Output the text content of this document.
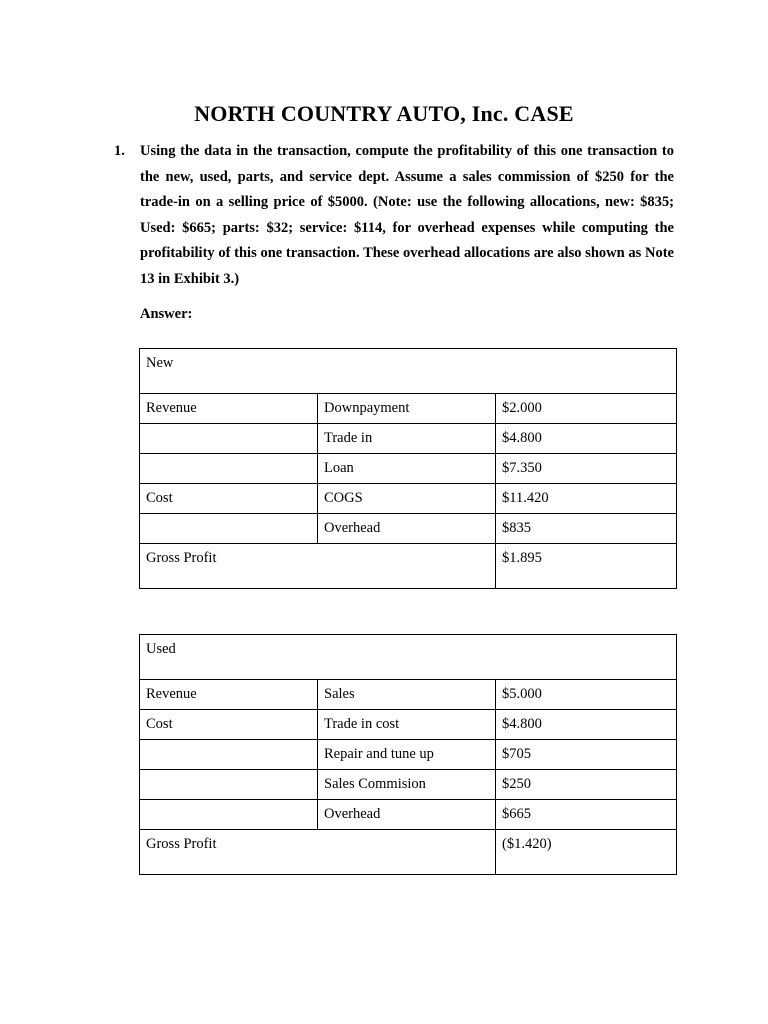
NORTH COUNTRY AUTO, Inc. CASE
1. Using the data in the transaction, compute the profitability of this one transaction to the new, used, parts, and service dept. Assume a sales commission of $250 for the trade-in on a selling price of $5000. (Note: use the following allocations, new: $835; Used: $665; parts: $32; service: $114, for overhead expenses while computing the profitability of this one transaction. These overhead allocations are also shown as Note 13 in Exhibit 3.)
Answer:
New		
Revenue	Downpayment	$2.000
	Trade in	$4.800
	Loan	$7.350
Cost	COGS	$11.420
	Overhead	$835
Gross Profit		$1.895
Used		
Revenue	Sales	$5.000
Cost	Trade in cost	$4.800
	Repair and tune up	$705
	Sales Commision	$250
	Overhead	$665
Gross Profit		($1.420)
